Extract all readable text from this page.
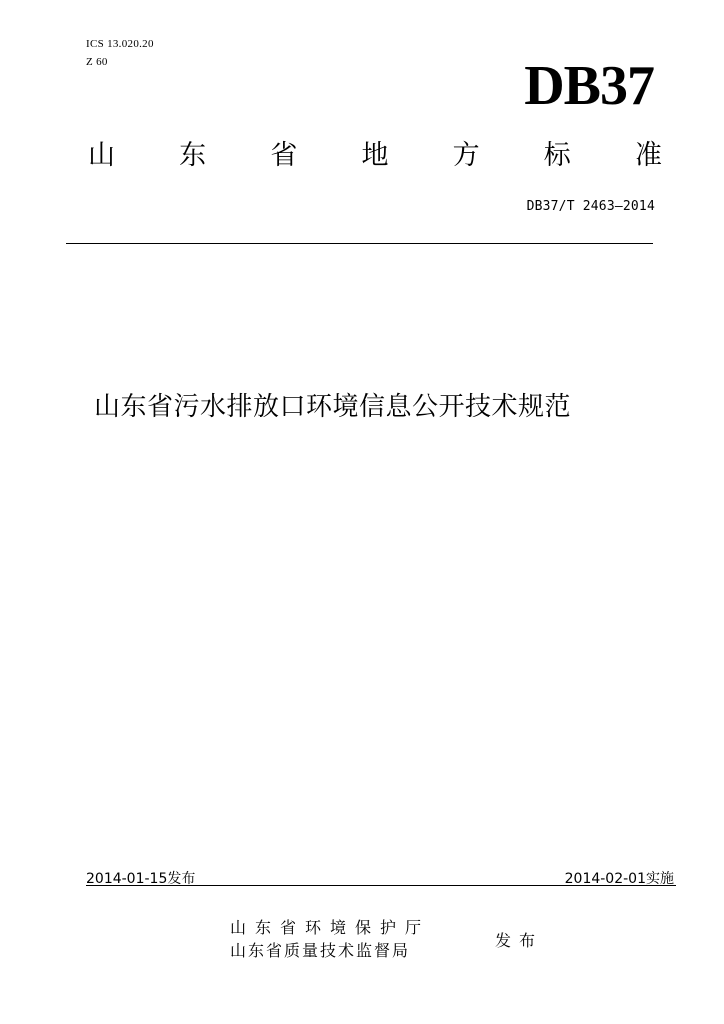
ICS 13.020.20
Z 60	DB37
山 东 省 地 方 标 准
DB37/T 2463—2014
山东省污水排放口环境信息公开技术规范
2014-01-15发布	2014-02-01实施
山东省环境保护厅
山东省质量技术监督局
发布
